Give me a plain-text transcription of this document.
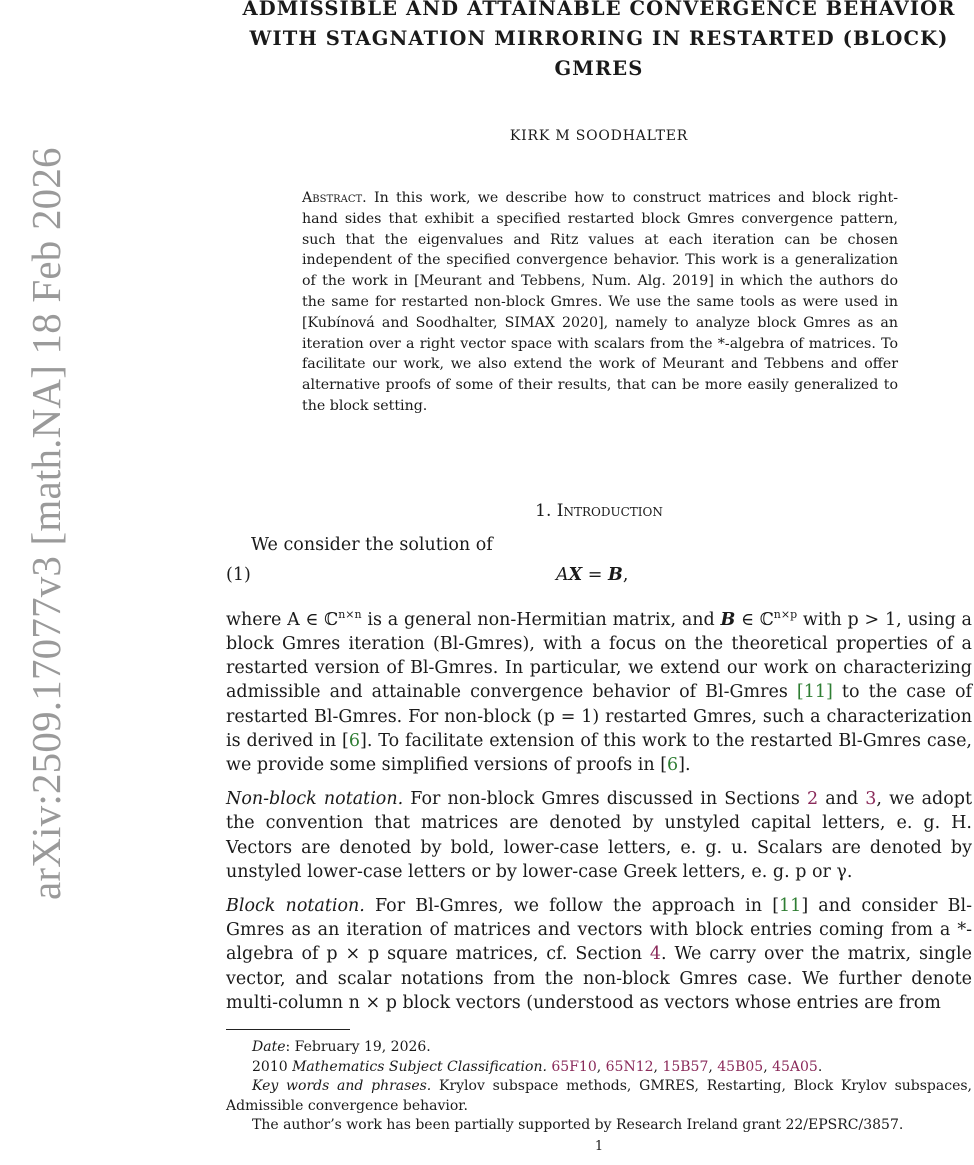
arXiv:2509.17077v3 [math.NA] 18 Feb 2026
ADMISSIBLE AND ATTAINABLE CONVERGENCE BEHAVIOR
WITH STAGNATION MIRRORING IN RESTARTED (BLOCK)
GMRES
KIRK M SOODHALTER
Abstract. In this work, we describe how to construct matrices and block right-hand sides that exhibit a specified restarted block Gmres convergence pattern, such that the eigenvalues and Ritz values at each iteration can be chosen independent of the specified convergence behavior. This work is a generalization of the work in [Meurant and Tebbens, Num. Alg. 2019] in which the authors do the same for restarted non-block Gmres. We use the same tools as were used in [Kubínová and Soodhalter, SIMAX 2020], namely to analyze block Gmres as an iteration over a right vector space with scalars from the *-algebra of matrices. To facilitate our work, we also extend the work of Meurant and Tebbens and offer alternative proofs of some of their results, that can be more easily generalized to the block setting.
1. Introduction

We consider the solution of

(1)	AX = B,

where A ∈ ℂ$^{n\times n}$ is a general non-Hermitian matrix, and B ∈ ℂ$^{n\times p}$ with p > 1, using a block Gmres iteration (Bl-Gmres), with a focus on the theoretical properties of a restarted version of Bl-Gmres. In particular, we extend our work on characterizing admissible and attainable convergence behavior of Bl-Gmres [11] to the case of restarted Bl-Gmres. For non-block (p = 1) restarted Gmres, such a characterization is derived in [6]. To facilitate extension of this work to the restarted Bl-Gmres case, we provide some simplified versions of proofs in [6].

Non-block notation. For non-block Gmres discussed in Sections 2 and 3, we adopt the convention that matrices are denoted by unstyled capital letters, e. g. H. Vectors are denoted by bold, lower-case letters, e. g. u. Scalars are denoted by unstyled lower-case letters or by lower-case Greek letters, e. g. p or γ.

Block notation. For Bl-Gmres, we follow the approach in [11] and consider Bl-Gmres as an iteration of matrices and vectors with block entries coming from a *-algebra of p × p square matrices, cf. Section 4. We carry over the matrix, single vector, and scalar notations from the non-block Gmres case. We further denote multi-column n × p block vectors (understood as vectors whose entries are from

Date: February 19, 2026.

2010 Mathematics Subject Classification. 65F10, 65N12, 15B57, 45B05, 45A05.

Key words and phrases. Krylov subspace methods, GMRES, Restarting, Block Krylov subspaces, Admissible convergence behavior.

The author’s work has been partially supported by Research Ireland grant 22/EPSRC/3857.

1
